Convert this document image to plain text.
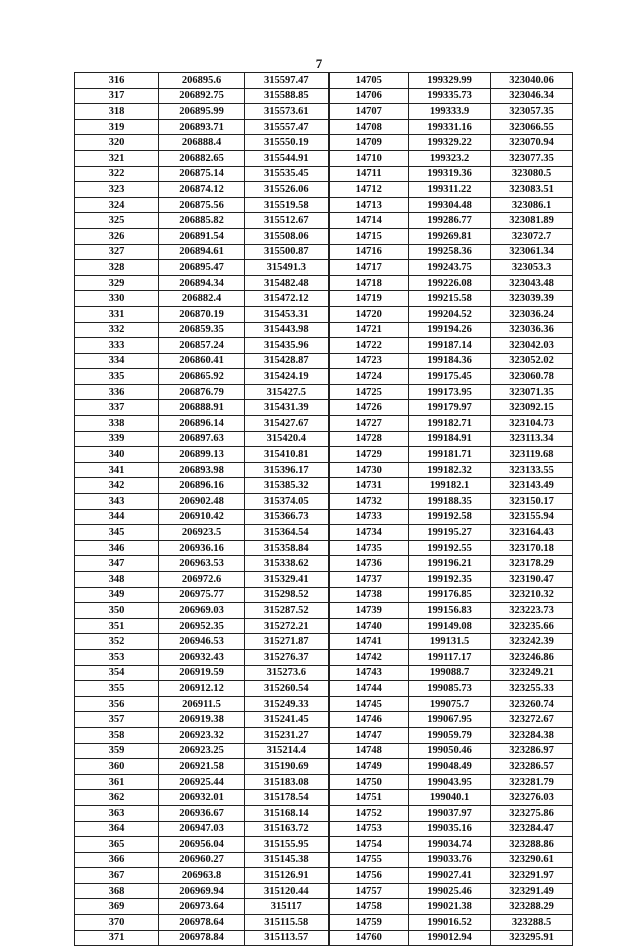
7
316	206895.6	315597.47	14705	199329.99	323040.06
317	206892.75	315588.85	14706	199335.73	323046.34
318	206895.99	315573.61	14707	199333.9	323057.35
319	206893.71	315557.47	14708	199331.16	323066.55
320	206888.4	315550.19	14709	199329.22	323070.94
321	206882.65	315544.91	14710	199323.2	323077.35
322	206875.14	315535.45	14711	199319.36	323080.5
323	206874.12	315526.06	14712	199311.22	323083.51
324	206875.56	315519.58	14713	199304.48	323086.1
325	206885.82	315512.67	14714	199286.77	323081.89
326	206891.54	315508.06	14715	199269.81	323072.7
327	206894.61	315500.87	14716	199258.36	323061.34
328	206895.47	315491.3	14717	199243.75	323053.3
329	206894.34	315482.48	14718	199226.08	323043.48
330	206882.4	315472.12	14719	199215.58	323039.39
331	206870.19	315453.31	14720	199204.52	323036.24
332	206859.35	315443.98	14721	199194.26	323036.36
333	206857.24	315435.96	14722	199187.14	323042.03
334	206860.41	315428.87	14723	199184.36	323052.02
335	206865.92	315424.19	14724	199175.45	323060.78
336	206876.79	315427.5	14725	199173.95	323071.35
337	206888.91	315431.39	14726	199179.97	323092.15
338	206896.14	315427.67	14727	199182.71	323104.73
339	206897.63	315420.4	14728	199184.91	323113.34
340	206899.13	315410.81	14729	199181.71	323119.68
341	206893.98	315396.17	14730	199182.32	323133.55
342	206896.16	315385.32	14731	199182.1	323143.49
343	206902.48	315374.05	14732	199188.35	323150.17
344	206910.42	315366.73	14733	199192.58	323155.94
345	206923.5	315364.54	14734	199195.27	323164.43
346	206936.16	315358.84	14735	199192.55	323170.18
347	206963.53	315338.62	14736	199196.21	323178.29
348	206972.6	315329.41	14737	199192.35	323190.47
349	206975.77	315298.52	14738	199176.85	323210.32
350	206969.03	315287.52	14739	199156.83	323223.73
351	206952.35	315272.21	14740	199149.08	323235.66
352	206946.53	315271.87	14741	199131.5	323242.39
353	206932.43	315276.37	14742	199117.17	323246.86
354	206919.59	315273.6	14743	199088.7	323249.21
355	206912.12	315260.54	14744	199085.73	323255.33
356	206911.5	315249.33	14745	199075.7	323260.74
357	206919.38	315241.45	14746	199067.95	323272.67
358	206923.32	315231.27	14747	199059.79	323284.38
359	206923.25	315214.4	14748	199050.46	323286.97
360	206921.58	315190.69	14749	199048.49	323286.57
361	206925.44	315183.08	14750	199043.95	323281.79
362	206932.01	315178.54	14751	199040.1	323276.03
363	206936.67	315168.14	14752	199037.97	323275.86
364	206947.03	315163.72	14753	199035.16	323284.47
365	206956.04	315155.95	14754	199034.74	323288.86
366	206960.27	315145.38	14755	199033.76	323290.61
367	206963.8	315126.91	14756	199027.41	323291.97
368	206969.94	315120.44	14757	199025.46	323291.49
369	206973.64	315117	14758	199021.38	323288.29
370	206978.64	315115.58	14759	199016.52	323288.5
371	206978.84	315113.57	14760	199012.94	323295.91
